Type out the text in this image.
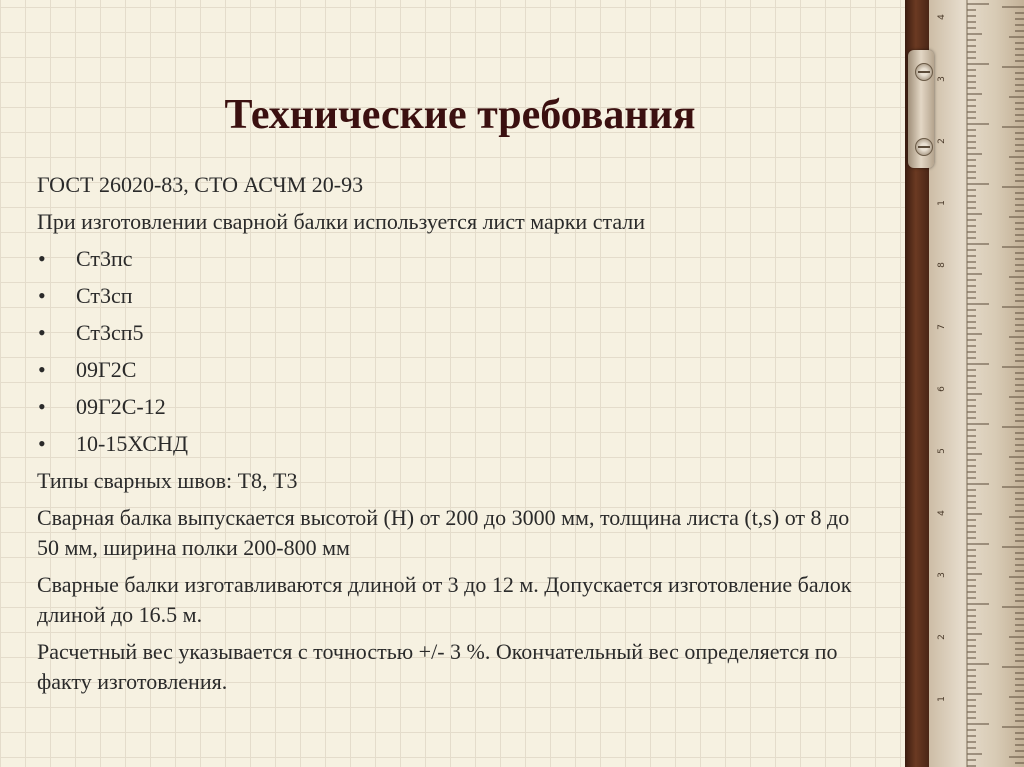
Технические требования

ГОСТ 26020-83, СТО АСЧМ 20-93

При изготовлении сварной балки используется лист марки стали

• Ст3пс
• Ст3сп
• Ст3сп5
• 09Г2С
• 09Г2С-12
• 10-15ХСНД

Типы сварных швов: Т8, Т3

Сварная балка выпускается высотой (Н) от 200 до 3000 мм, толщина листа (t,s) от 8 до 50 мм, ширина полки 200-800 мм

Сварные балки изготавливаются длиной от 3 до 12 м. Допускается изготовление балок длиной до 16.5 м.

Расчетный вес указывается с точностью +/- 3 %. Окончательный вес определяется по факту изготовления.

4
3
2
1
8
7
6
5
4
3
2
1
